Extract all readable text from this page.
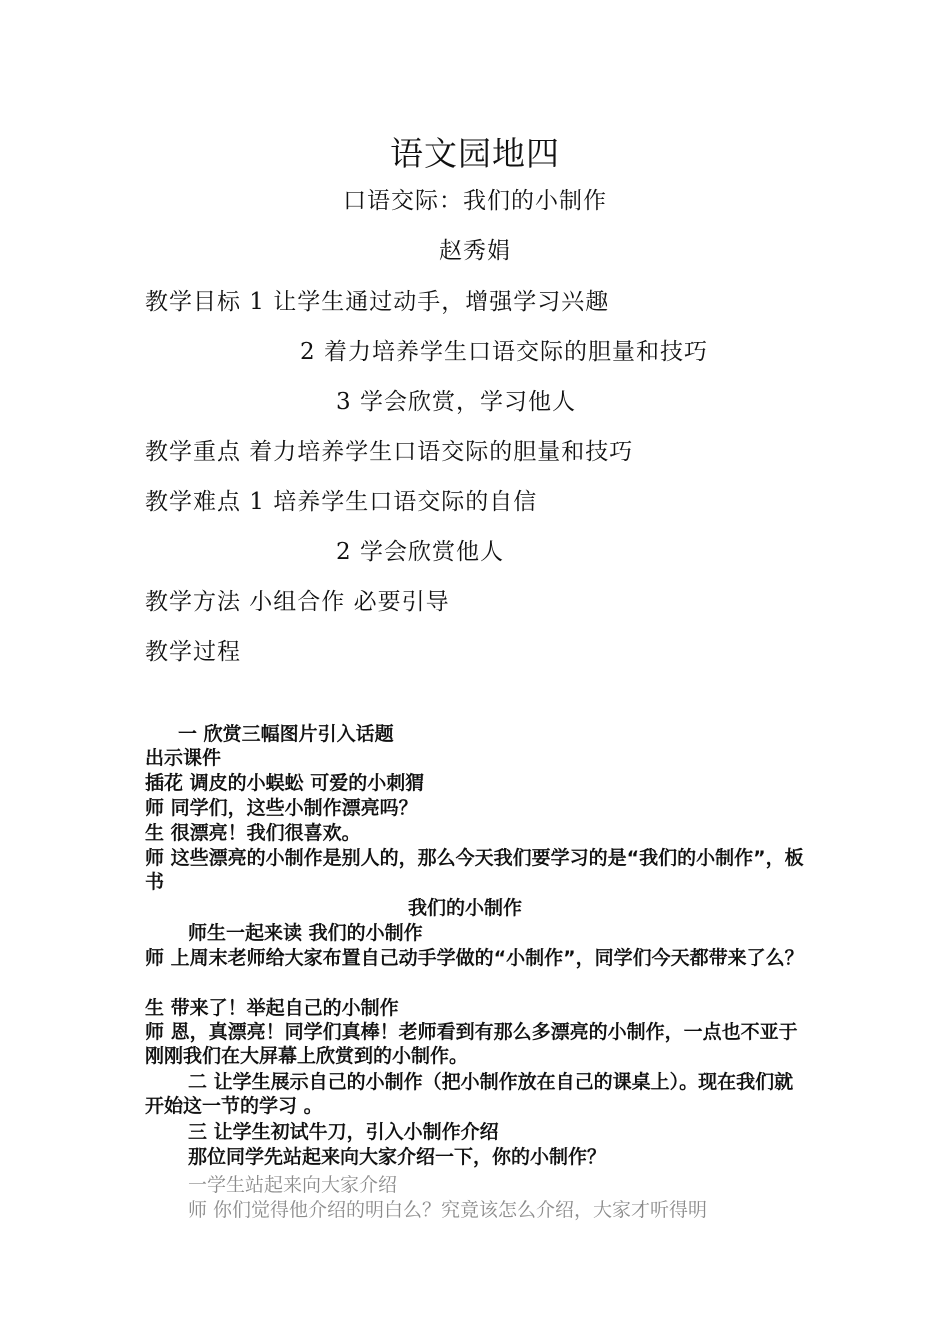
语文园地四
口语交际：我们的小制作
赵秀娟
教学目标 1 让学生通过动手，增强学习兴趣
2 着力培养学生口语交际的胆量和技巧
3 学会欣赏，学习他人
教学重点 着力培养学生口语交际的胆量和技巧
教学难点 1 培养学生口语交际的自信
2 学会欣赏他人
教学方法 小组合作 必要引导
教学过程
一 欣赏三幅图片引入话题
出示课件
插花 调皮的小蜈蚣 可爱的小刺猬
师 同学们，这些小制作漂亮吗？
生 很漂亮！我们很喜欢。
师 这些漂亮的小制作是别人的，那么今天我们要学习的是“我们的小制作”，板书
我们的小制作
师生一起来读 我们的小制作
师 上周末老师给大家布置自己动手学做的“小制作”，同学们今天都带来了么？
生 带来了！举起自己的小制作
师 恩，真漂亮！同学们真棒！老师看到有那么多漂亮的小制作，一点也不亚于刚刚我们在大屏幕上欣赏到的小制作。
二 让学生展示自己的小制作（把小制作放在自己的课桌上）。现在我们就开始这一节的学习 。
三 让学生初试牛刀，引入小制作介绍
那位同学先站起来向大家介绍一下，你的小制作？
一学生站起来向大家介绍
师 你们觉得他介绍的明白么？究竟该怎么介绍，大家才听得明
